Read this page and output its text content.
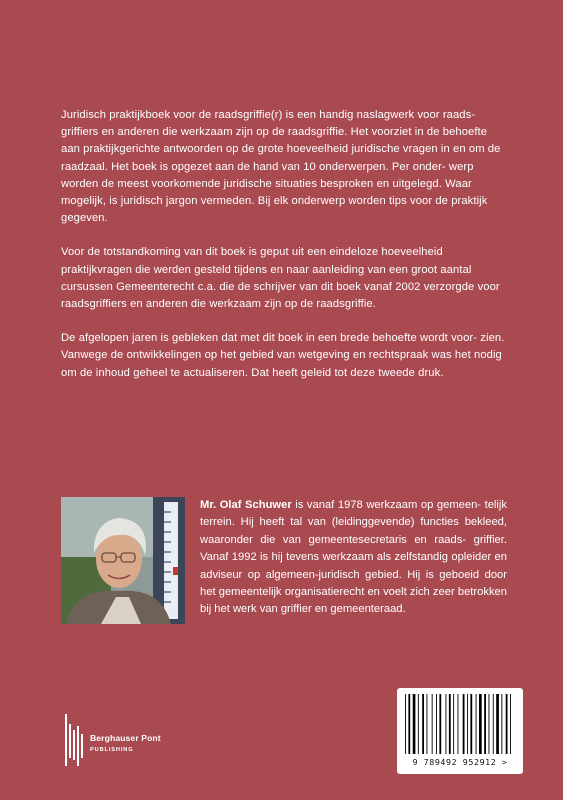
Juridisch praktijkboek voor de raadsgriffie(r) is een handig naslagwerk voor raads- griffiers en anderen die werkzaam zijn op de raadsgriffie. Het voorziet in de behoefte aan praktijkgerichte antwoorden op de grote hoeveelheid juridische vragen in en om de raadzaal. Het boek is opgezet aan de hand van 10 onderwerpen. Per onder- werp worden de meest voorkomende juridische situaties besproken en uitgelegd. Waar mogelijk, is juridisch jargon vermeden. Bij elk onderwerp worden tips voor de praktijk gegeven.

Voor de totstandkoming van dit boek is geput uit een eindeloze hoeveelheid praktijkvragen die werden gesteld tijdens en naar aanleiding van een groot aantal cursussen Gemeenterecht c.a. die de schrijver van dit boek vanaf 2002 verzorgde voor raadsgriffiers en anderen die werkzaam zijn op de raadsgriffie.

De afgelopen jaren is gebleken dat met dit boek in een brede behoefte wordt voor- zien. Vanwege de ontwikkelingen op het gebied van wetgeving en rechtspraak was het nodig om de inhoud geheel te actualiseren. Dat heeft geleid tot deze tweede druk.

Mr. Olaf Schuwer is vanaf 1978 werkzaam op gemeen- telijk terrein. Hij heeft tal van (leidinggevende) functies bekleed, waaronder die van gemeentesecretaris en raads- griffier. Vanaf 1992 is hij tevens werkzaam als zelfstandig opleider en adviseur op algemeen-juridisch gebied. Hij is geboeid door het gemeentelijk organisatierecht en voelt zich zeer betrokken bij het werk van griffier en gemeenteraad.
Berghauser Pont
PUBLISHING
9 789492 952912 >
